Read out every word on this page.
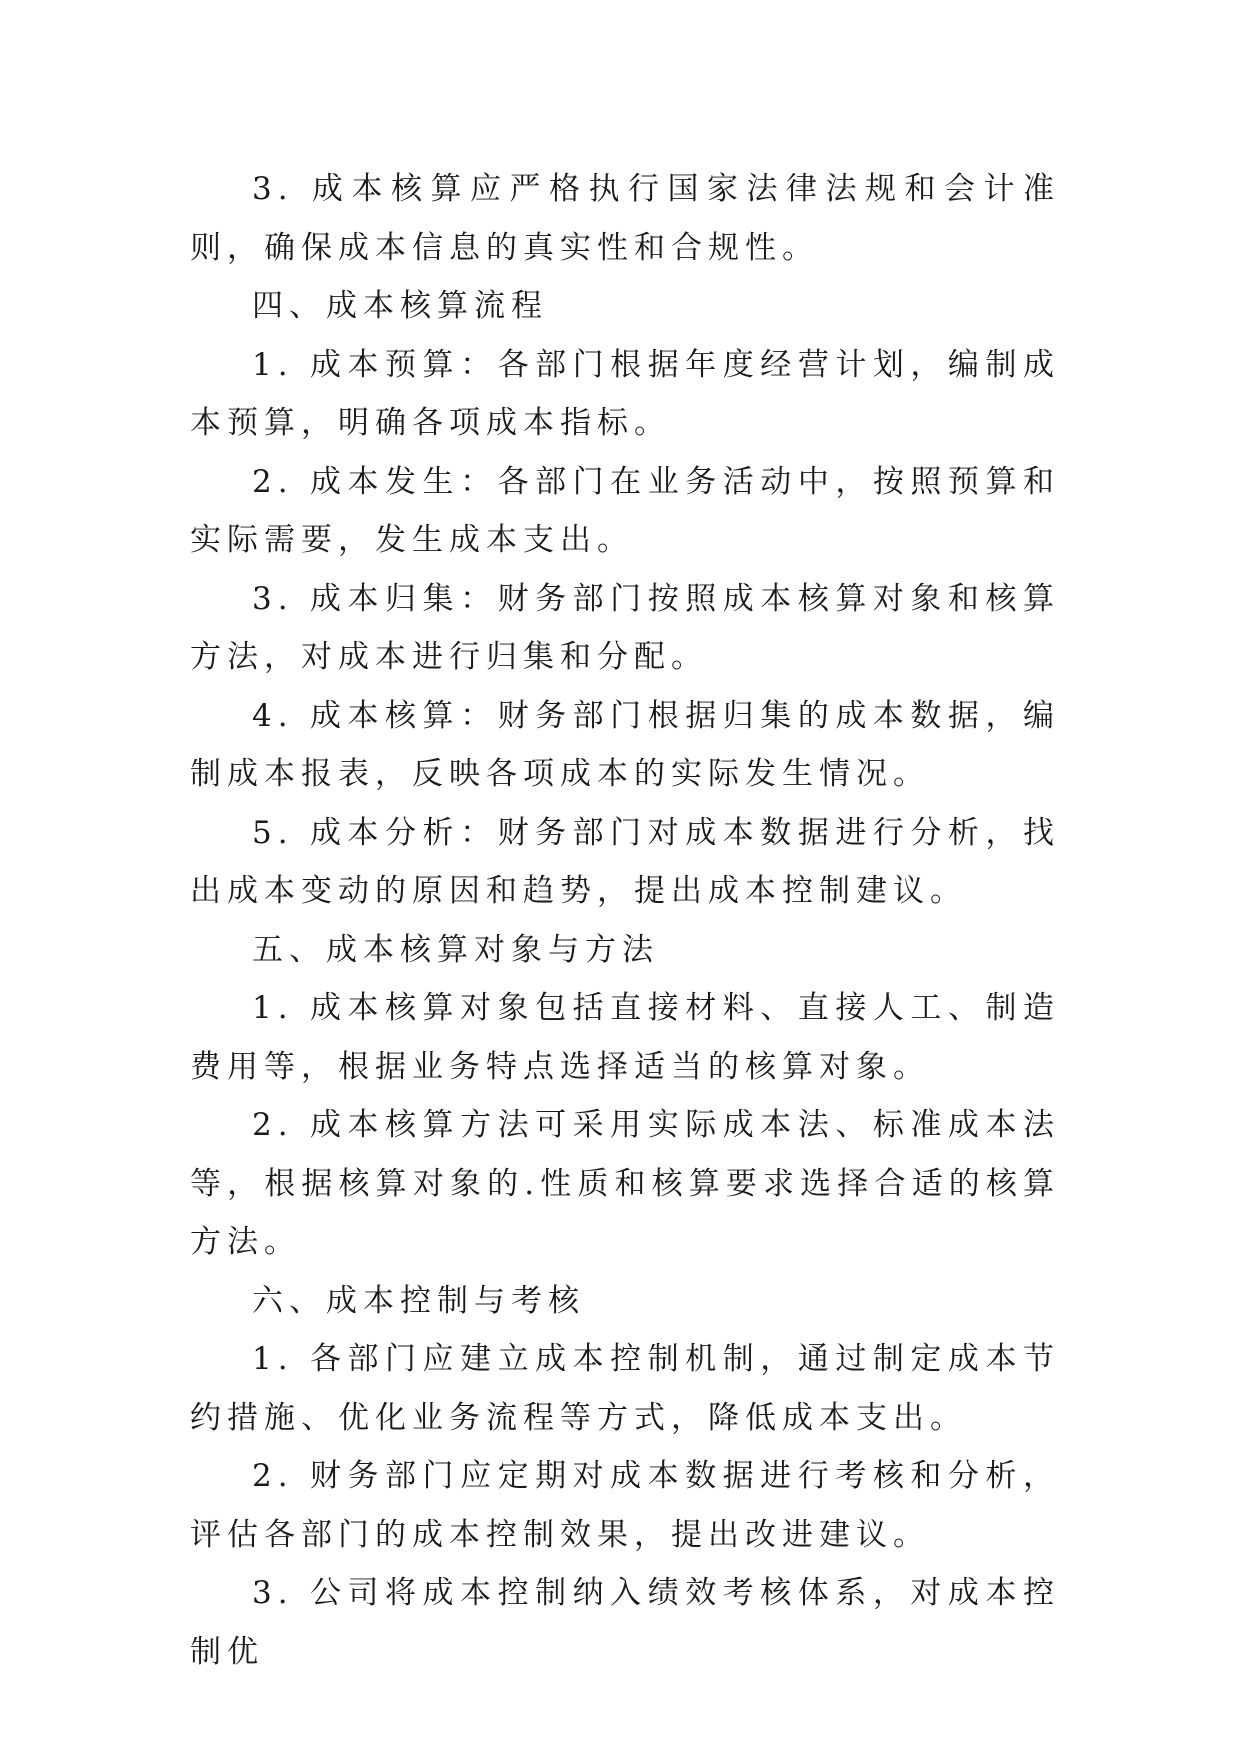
3. 成本核算应严格执行国家法律法规和会计准则，确保成本信息的真实性和合规性。

四、成本核算流程

1. 成本预算：各部门根据年度经营计划，编制成本预算，明确各项成本指标。

2. 成本发生：各部门在业务活动中，按照预算和实际需要，发生成本支出。

3. 成本归集：财务部门按照成本核算对象和核算方法，对成本进行归集和分配。

4. 成本核算：财务部门根据归集的成本数据，编制成本报表，反映各项成本的实际发生情况。

5. 成本分析：财务部门对成本数据进行分析，找出成本变动的原因和趋势，提出成本控制建议。

五、成本核算对象与方法

1. 成本核算对象包括直接材料、直接人工、制造费用等，根据业务特点选择适当的核算对象。

2. 成本核算方法可采用实际成本法、标准成本法等，根据核算对象的.性质和核算要求选择合适的核算方法。

六、成本控制与考核

1. 各部门应建立成本控制机制，通过制定成本节约措施、优化业务流程等方式，降低成本支出。

2. 财务部门应定期对成本数据进行考核和分析，评估各部门的成本控制效果，提出改进建议。

3. 公司将成本控制纳入绩效考核体系，对成本控制优
